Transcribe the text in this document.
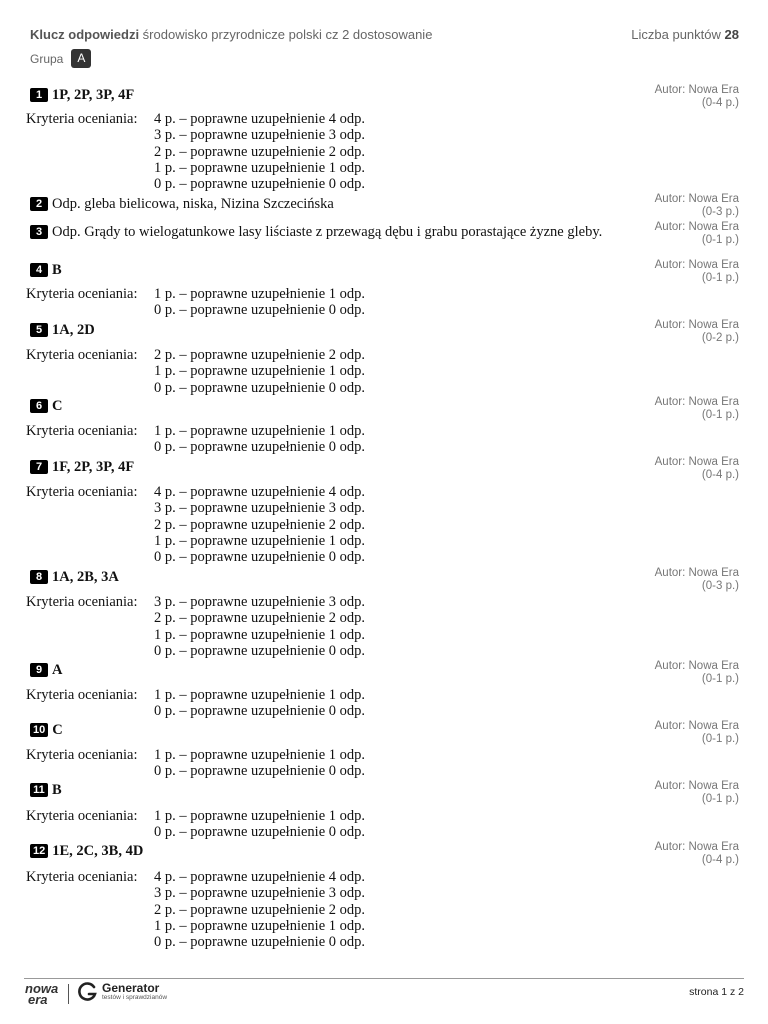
Klucz odpowiedzi środowisko przyrodnicze polski cz 2 dostosowanie
Grupa	A
Liczba punktów 28
1 1P, 2P, 3P, 4F	Autor: Nowa Era
(0-4 p.)
Kryteria oceniania: 4 p. – poprawne uzupełnienie 4 odp.
3 p. – poprawne uzupełnienie 3 odp.
2 p. – poprawne uzupełnienie 2 odp.
1 p. – poprawne uzupełnienie 1 odp.
0 p. – poprawne uzupełnienie 0 odp.
2 Odp. gleba bielicowa, niska, Nizina Szczecińska	Autor: Nowa Era
(0-3 p.)
3 Odp. Grądy to wielogatunkowe lasy liściaste z przewagą dębu i grabu porastające żyzne gleby.	Autor: Nowa Era
(0-1 p.)
4 B	Autor: Nowa Era
(0-1 p.)
Kryteria oceniania: 1 p. – poprawne uzupełnienie 1 odp.
0 p. – poprawne uzupełnienie 0 odp.
5 1A, 2D	Autor: Nowa Era
(0-2 p.)
Kryteria oceniania: 2 p. – poprawne uzupełnienie 2 odp.
1 p. – poprawne uzupełnienie 1 odp.
0 p. – poprawne uzupełnienie 0 odp.
6 C	Autor: Nowa Era
(0-1 p.)
Kryteria oceniania: 1 p. – poprawne uzupełnienie 1 odp.
0 p. – poprawne uzupełnienie 0 odp.
7 1F, 2P, 3P, 4F	Autor: Nowa Era
(0-4 p.)
Kryteria oceniania: 4 p. – poprawne uzupełnienie 4 odp.
3 p. – poprawne uzupełnienie 3 odp.
2 p. – poprawne uzupełnienie 2 odp.
1 p. – poprawne uzupełnienie 1 odp.
0 p. – poprawne uzupełnienie 0 odp.
8 1A, 2B, 3A	Autor: Nowa Era
(0-3 p.)
Kryteria oceniania: 3 p. – poprawne uzupełnienie 3 odp.
2 p. – poprawne uzupełnienie 2 odp.
1 p. – poprawne uzupełnienie 1 odp.
0 p. – poprawne uzupełnienie 0 odp.
9 A	Autor: Nowa Era
(0-1 p.)
Kryteria oceniania: 1 p. – poprawne uzupełnienie 1 odp.
0 p. – poprawne uzupełnienie 0 odp.
10 C	Autor: Nowa Era
(0-1 p.)
Kryteria oceniania: 1 p. – poprawne uzupełnienie 1 odp.
0 p. – poprawne uzupełnienie 0 odp.
11 B	Autor: Nowa Era
(0-1 p.)
Kryteria oceniania: 1 p. – poprawne uzupełnienie 1 odp.
0 p. – poprawne uzupełnienie 0 odp.
12 1E, 2C, 3B, 4D	Autor: Nowa Era
(0-4 p.)
Kryteria oceniania: 4 p. – poprawne uzupełnienie 4 odp.
3 p. – poprawne uzupełnienie 3 odp.
2 p. – poprawne uzupełnienie 2 odp.
1 p. – poprawne uzupełnienie 1 odp.
0 p. – poprawne uzupełnienie 0 odp.
nowa
era
Generator
testów i sprawdzianów	strona 1 z 2
